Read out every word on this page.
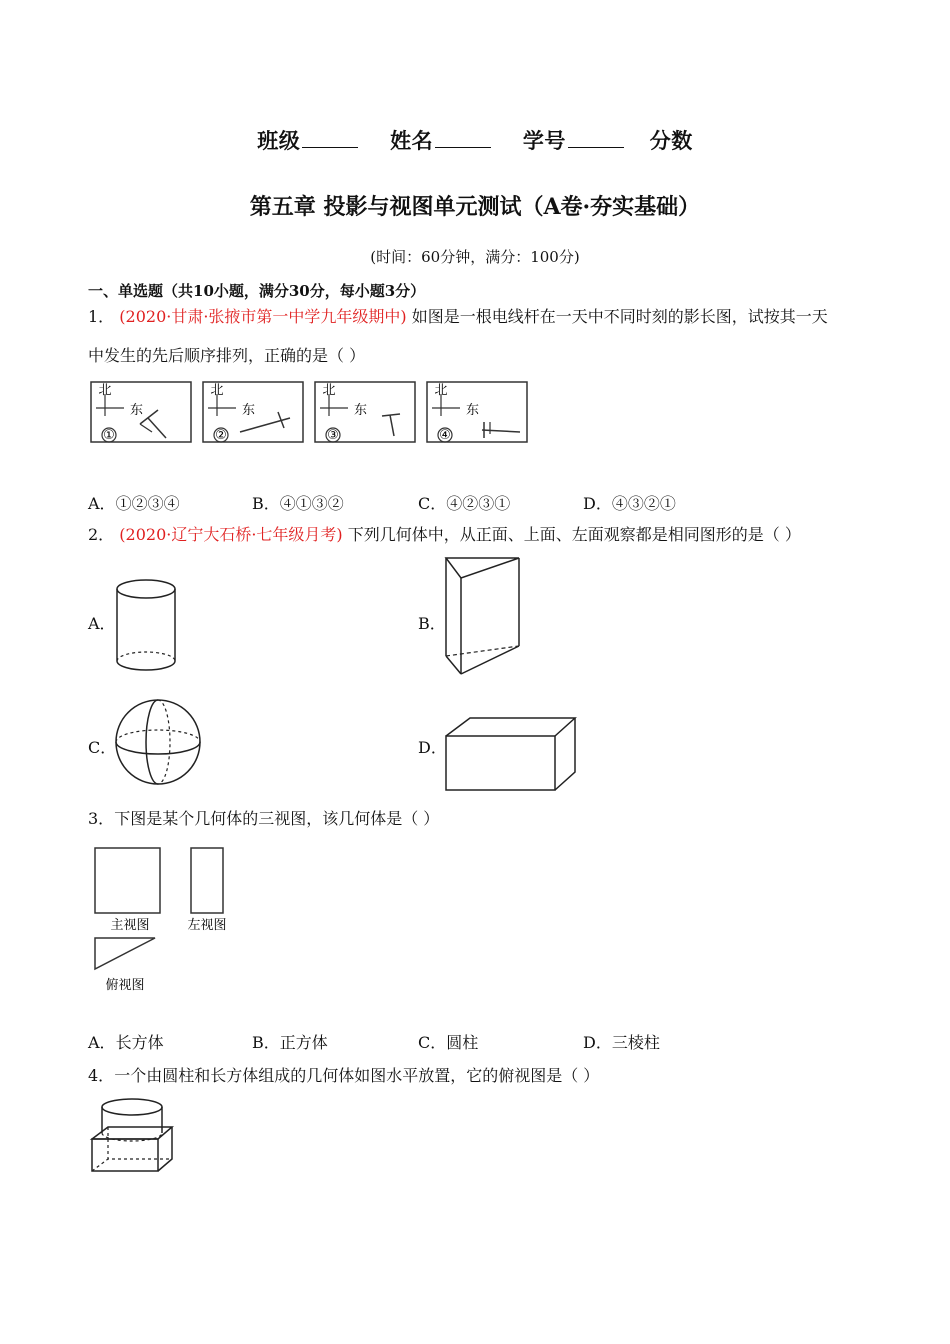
班级	姓名	学号	分数
第五章 投影与视图单元测试（A卷·夯实基础）
(时间：60分钟，满分：100分)
一、单选题（共10小题，满分30分，每小题3分）
1． (2020·甘肃·张掖市第一中学九年级期中) 如图是一根电线杆在一天中不同时刻的影长图，试按其一天
中发生的先后顺序排列，正确的是（ ）
北
东
①
北
东
②
北
东
③
北
东
④
A．①②③④	B．④①③②	C．④②③①	D．④③②①
2． (2020·辽宁大石桥·七年级月考) 下列几何体中，从正面、上面、左面观察都是相同图形的是（ ）
A．	B．
C．	D．
3．下图是某个几何体的三视图，该几何体是（ ）
主视图	左视图
俯视图
A．长方体	B．正方体	C．圆柱	D．三棱柱
4．一个由圆柱和长方体组成的几何体如图水平放置，它的俯视图是（ ）
